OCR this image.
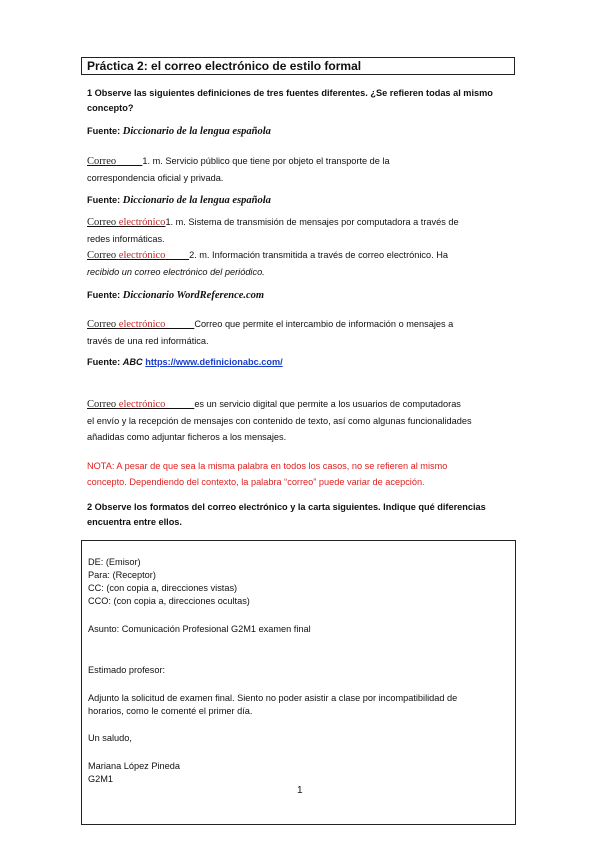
Práctica 2: el correo electrónico de estilo formal
1 Observe las siguientes definiciones de tres fuentes diferentes. ¿Se refieren todas al mismo
concepto?
Fuente: Diccionario de la lengua española
Correo	1. m. Servicio público que tiene por objeto el transporte de la
correspondencia oficial y privada.
Fuente: Diccionario de la lengua española
Correo electrónico1. m. Sistema de transmisión de mensajes por computadora a través de
redes informáticas.
Correo electrónico	2. m. Información transmitida a través de correo electrónico. Ha
recibido un correo electrónico del periódico.
Fuente: Diccionario WordReference.com
Correo electrónico	Correo que permite el intercambio de información o mensajes a
través de una red informática.
Fuente: ABC https://www.definicionabc.com/
Correo electrónico	es un servicio digital que permite a los usuarios de computadoras
el envío y la recepción de mensajes con contenido de texto, así como algunas funcionalidades
añadidas como adjuntar ficheros a los mensajes.
NOTA: A pesar de que sea la misma palabra en todos los casos, no se refieren al mismo
concepto. Dependiendo del contexto, la palabra “correo” puede variar de acepción.
2 Observe los formatos del correo electrónico y la carta siguientes. Indique qué diferencias
encuentra entre ellos.
DE: (Emisor)
Para: (Receptor)
CC: (con copia a, direcciones vistas)
CCO: (con copia a, direcciones ocultas)
Asunto: Comunicación Profesional G2M1 examen final
Estimado profesor:
Adjunto la solicitud de examen final. Siento no poder asistir a clase por incompatibilidad de
horarios, como le comenté el primer día.
Un saludo,
Mariana López Pineda
G2M1
1
